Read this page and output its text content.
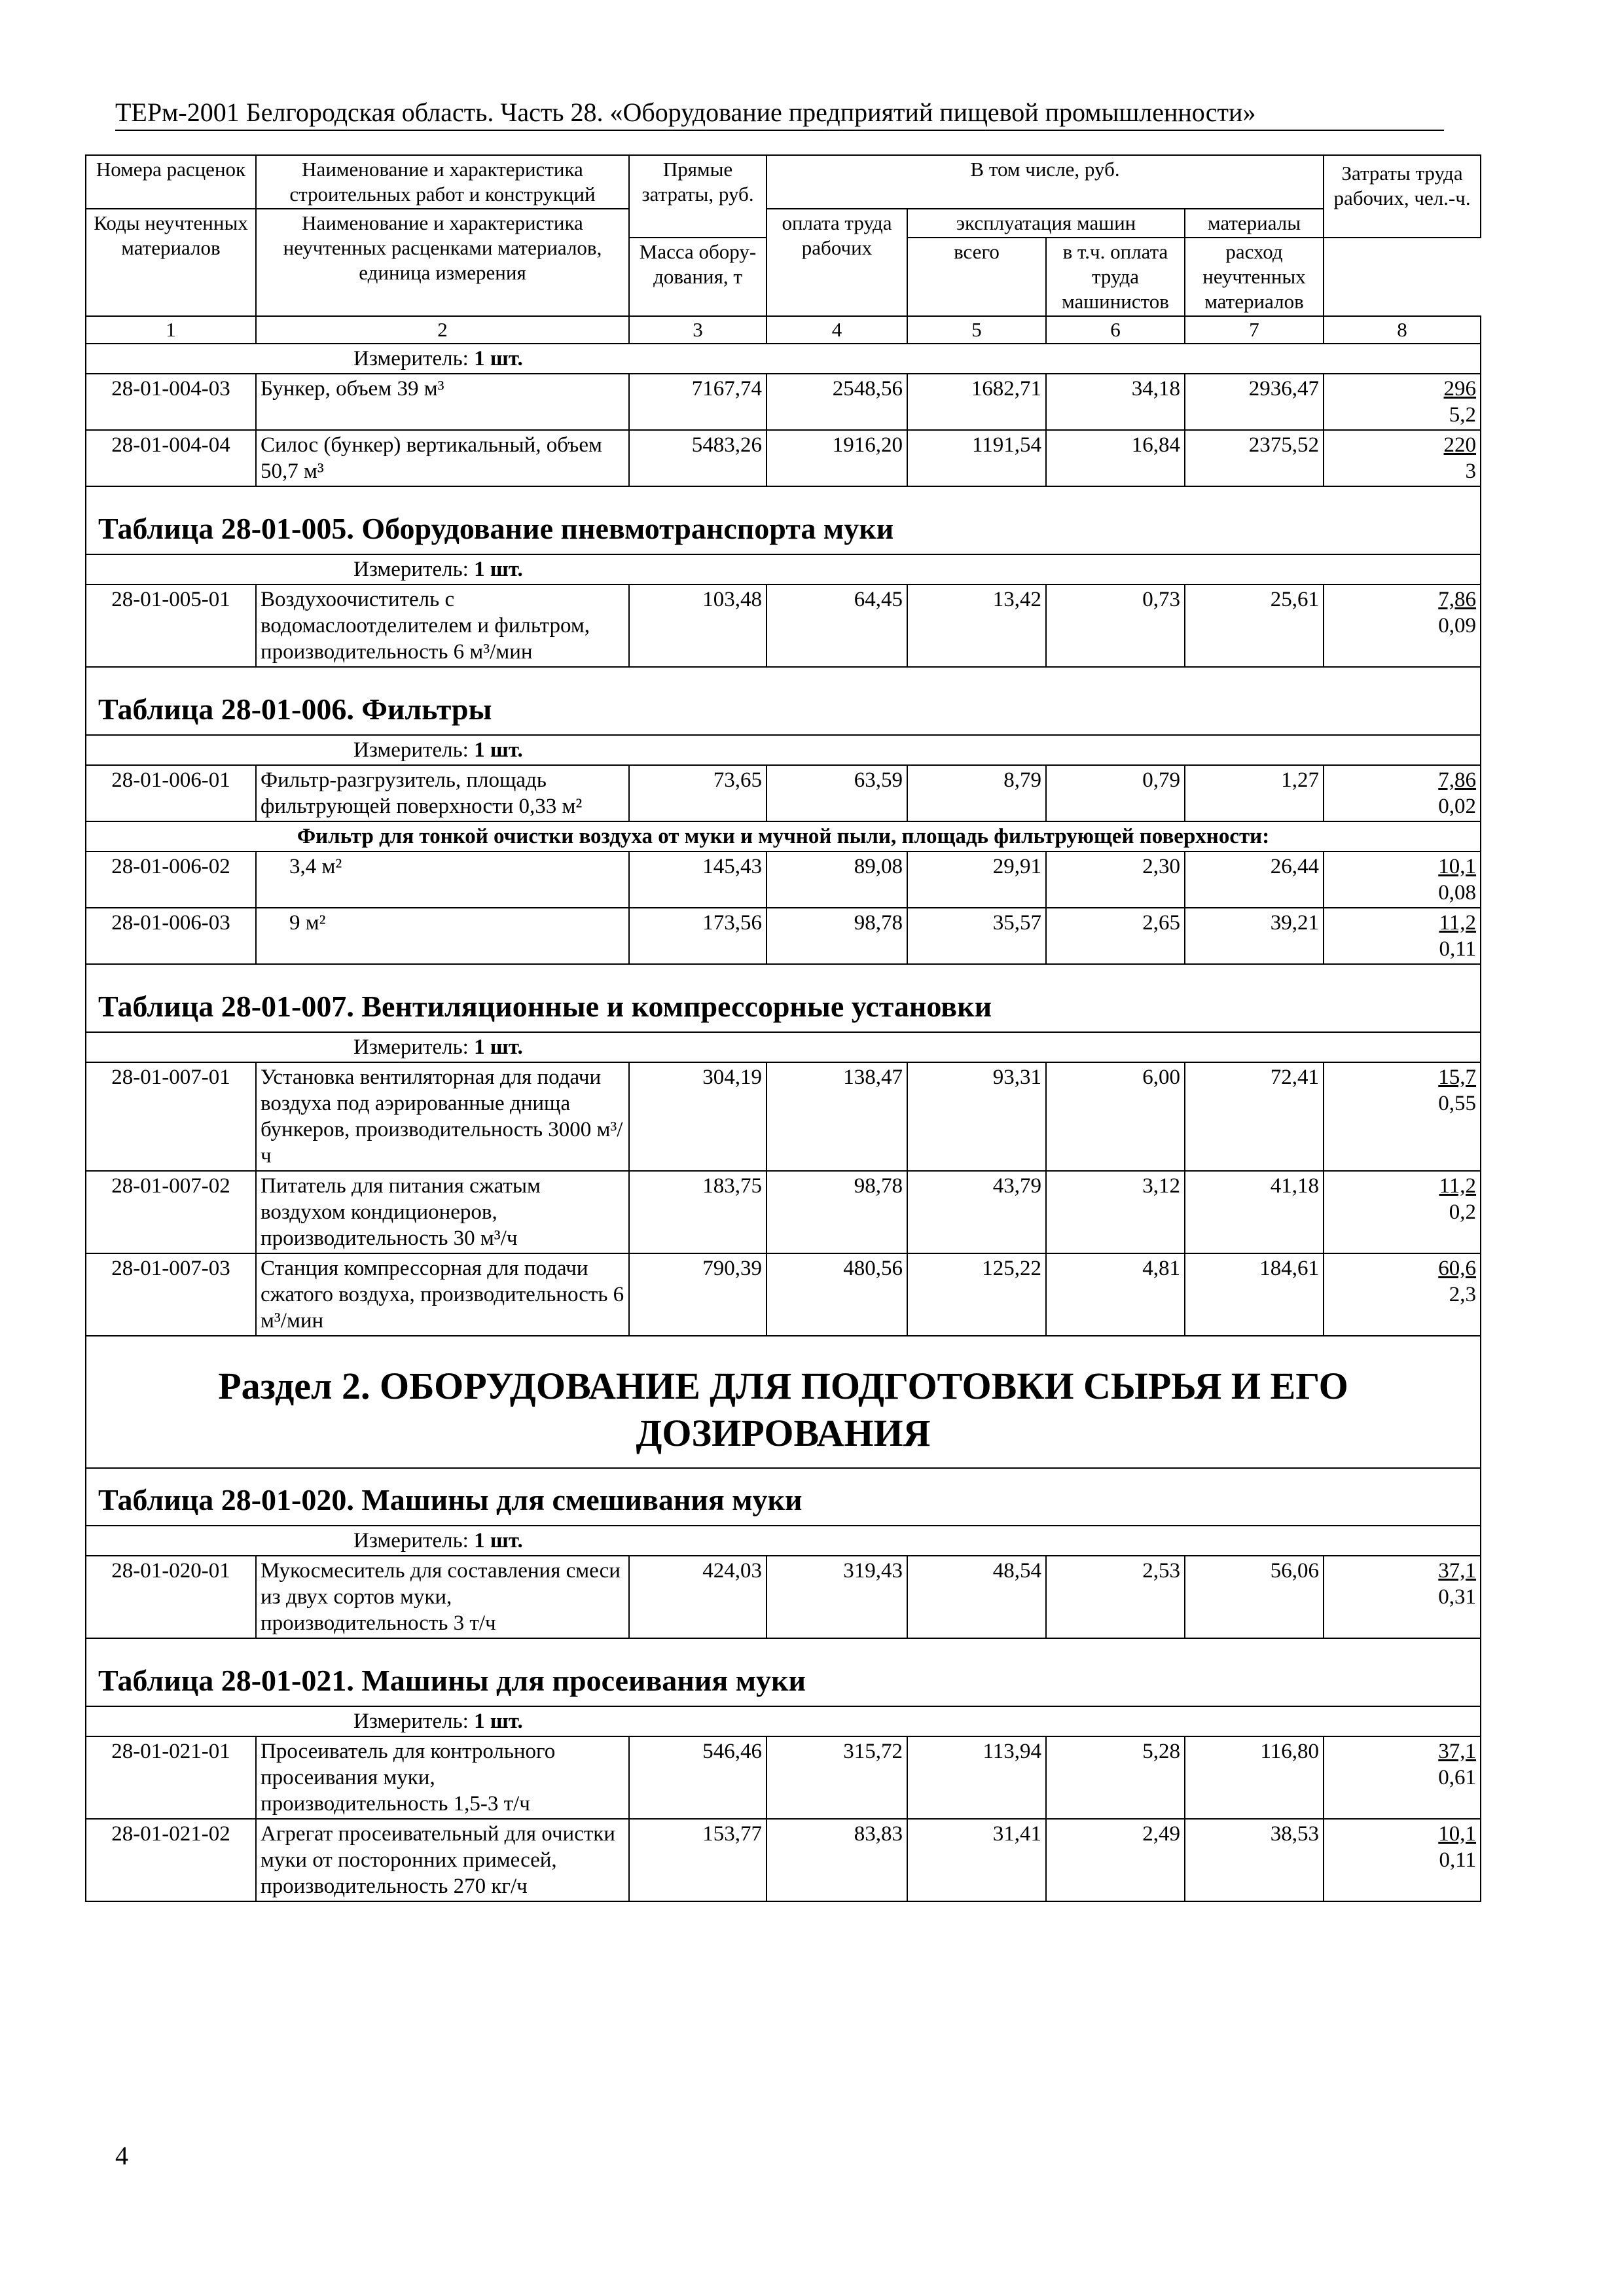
ТЕРм-2001 Белгородская область. Часть 28. «Оборудование предприятий пищевой промышленности»
Номера расценок	Наименование и характеристика строительных работ и конструкций	Прямые затраты, руб.	В том числе, руб.				Затраты труда рабочих, чел.-ч.
Коды неучтенных материалов	Наименование и характеристика неучтенных расценками материалов, единица измерения		оплата труда рабочих	эксплуатация машин		материалы	
				всего	в т.ч. оплата труда машинистов	расход неучтенных материалов	
		Масса обору-дования, т					
1	2	3	4	5	6	7	8
Измеритель: 1 шт.							
28-01-004-03	Бункер, объем 39 м³	7167,74	2548,56	1682,71	34,18	2936,47	296
5,2

28-01-004-04	Силос (бункер) вертикальный, объем 50,7 м³	5483,26	1916,20	1191,54	16,84	2375,52	220
3

Таблица 28-01-005. Оборудование пневмотранспорта муки							
Измеритель: 1 шт.							
28-01-005-01	Воздухоочиститель с водомаслоотделителем и фильтром, производительность 6 м³/мин	103,48	64,45	13,42	0,73	25,61	7,86
0,09

Таблица 28-01-006. Фильтры							
Измеритель: 1 шт.							
28-01-006-01	Фильтр-разгрузитель, площадь фильтрующей поверхности 0,33 м²	73,65	63,59	8,79	0,79	1,27	7,86
0,02

Фильтр для тонкой очистки воздуха от муки и мучной пыли, площадь фильтрующей поверхности:							
28-01-006-02	3,4 м²	145,43	89,08	29,91	2,30	26,44	10,1
0,08

28-01-006-03	9 м²	173,56	98,78	35,57	2,65	39,21	11,2
0,11

Таблица 28-01-007. Вентиляционные и компрессорные установки							
Измеритель: 1 шт.							
28-01-007-01	Установка вентиляторная для подачи воздуха под аэрированные днища бункеров, производительность 3000 м³/ч	304,19	138,47	93,31	6,00	72,41	15,7
0,55

28-01-007-02	Питатель для питания сжатым воздухом кондиционеров, производительность 30 м³/ч	183,75	98,78	43,79	3,12	41,18	11,2
0,2

28-01-007-03	Станция компрессорная для подачи сжатого воздуха, производительность 6 м³/мин	790,39	480,56	125,22	4,81	184,61	60,6
2,3

Раздел 2. ОБОРУДОВАНИЕ ДЛЯ ПОДГОТОВКИ СЫРЬЯ И ЕГО ДОЗИРОВАНИЯ							
Таблица 28-01-020. Машины для смешивания муки							
Измеритель: 1 шт.							
28-01-020-01	Мукосмеситель для составления смеси из двух сортов муки, производительность 3 т/ч	424,03	319,43	48,54	2,53	56,06	37,1
0,31

Таблица 28-01-021. Машины для просеивания муки							
Измеритель: 1 шт.							
28-01-021-01	Просеиватель для контрольного просеивания муки, производительность 1,5-3 т/ч	546,46	315,72	113,94	5,28	116,80	37,1
0,61

28-01-021-02	Агрегат просеивательный для очистки муки от посторонних примесей, производительность 270 кг/ч	153,77	83,83	31,41	2,49	38,53	10,1
0,11
4
